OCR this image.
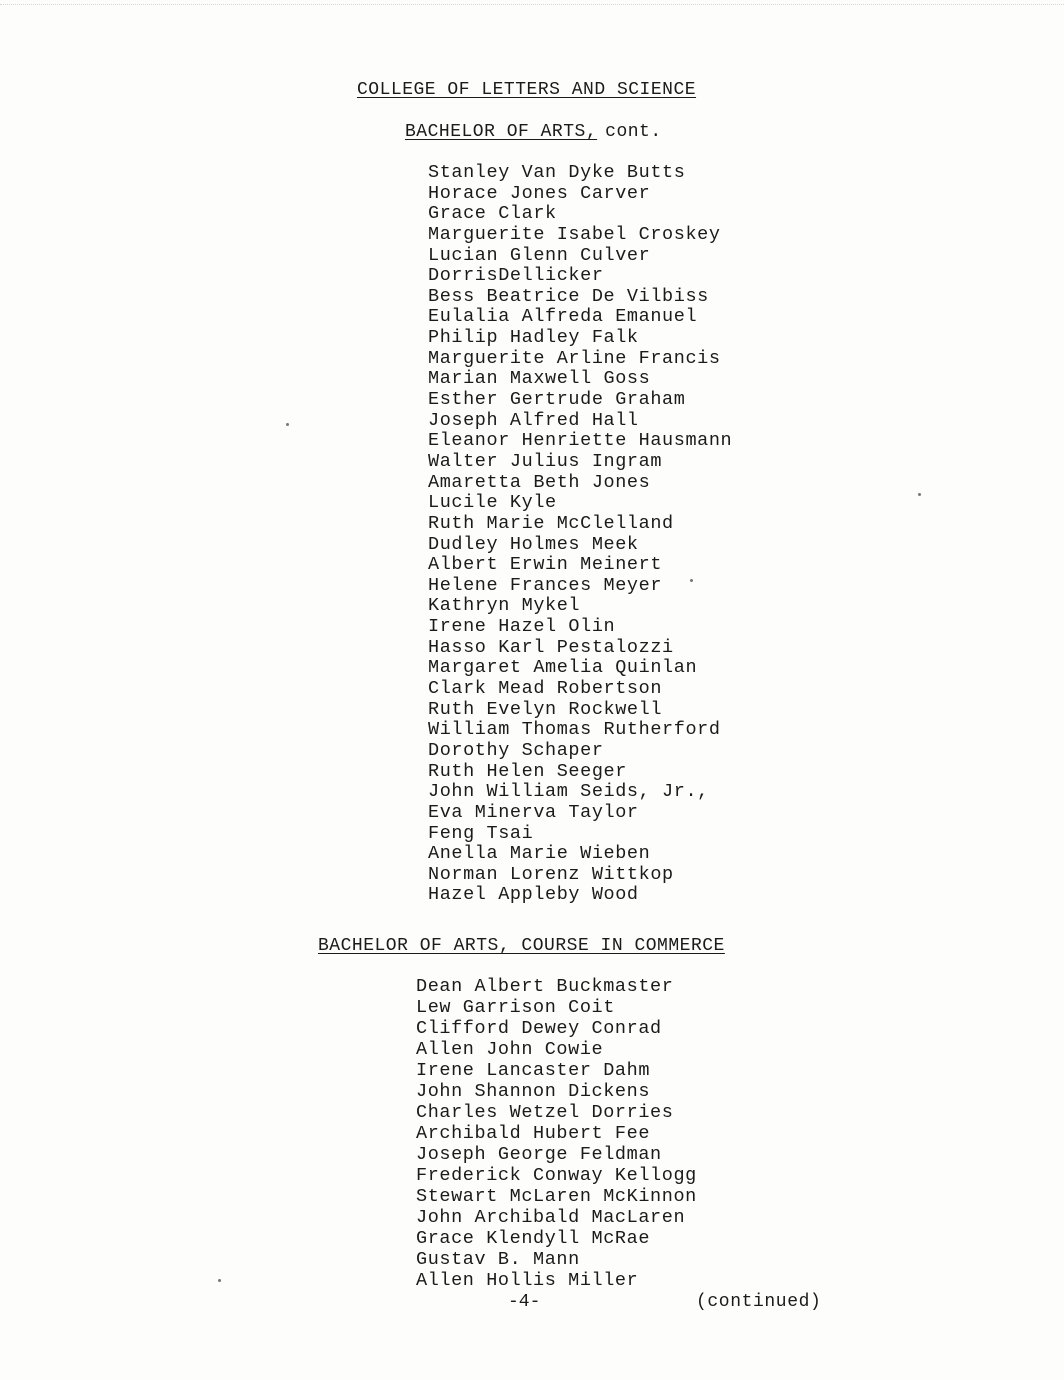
COLLEGE OF LETTERS AND SCIENCE
BACHELOR OF ARTS, cont.
Stanley Van Dyke Butts
Horace Jones Carver
Grace Clark
Marguerite Isabel Croskey
Lucian Glenn Culver
DorrisDellicker
Bess Beatrice De Vilbiss
Eulalia Alfreda Emanuel
Philip Hadley Falk
Marguerite Arline Francis
Marian Maxwell Goss
Esther Gertrude Graham
Joseph Alfred Hall
Eleanor Henriette Hausmann
Walter Julius Ingram
Amaretta Beth Jones
Lucile Kyle
Ruth Marie McClelland
Dudley Holmes Meek
Albert Erwin Meinert
Helene Frances Meyer
Kathryn Mykel
Irene Hazel Olin
Hasso Karl Pestalozzi
Margaret Amelia Quinlan
Clark Mead Robertson
Ruth Evelyn Rockwell
William Thomas Rutherford
Dorothy Schaper
Ruth Helen Seeger
John William Seids, Jr.,
Eva Minerva Taylor
Feng Tsai
Anella Marie Wieben
Norman Lorenz Wittkop
Hazel Appleby Wood
BACHELOR OF ARTS, COURSE IN COMMERCE
Dean Albert Buckmaster
Lew Garrison Coit
Clifford Dewey Conrad
Allen John Cowie
Irene Lancaster Dahm
John Shannon Dickens
Charles Wetzel Dorries
Archibald Hubert Fee
Joseph George Feldman
Frederick Conway Kellogg
Stewart McLaren McKinnon
John Archibald MacLaren
Grace Klendyll McRae
Gustav B. Mann
Allen Hollis Miller
-4-	(continued)
